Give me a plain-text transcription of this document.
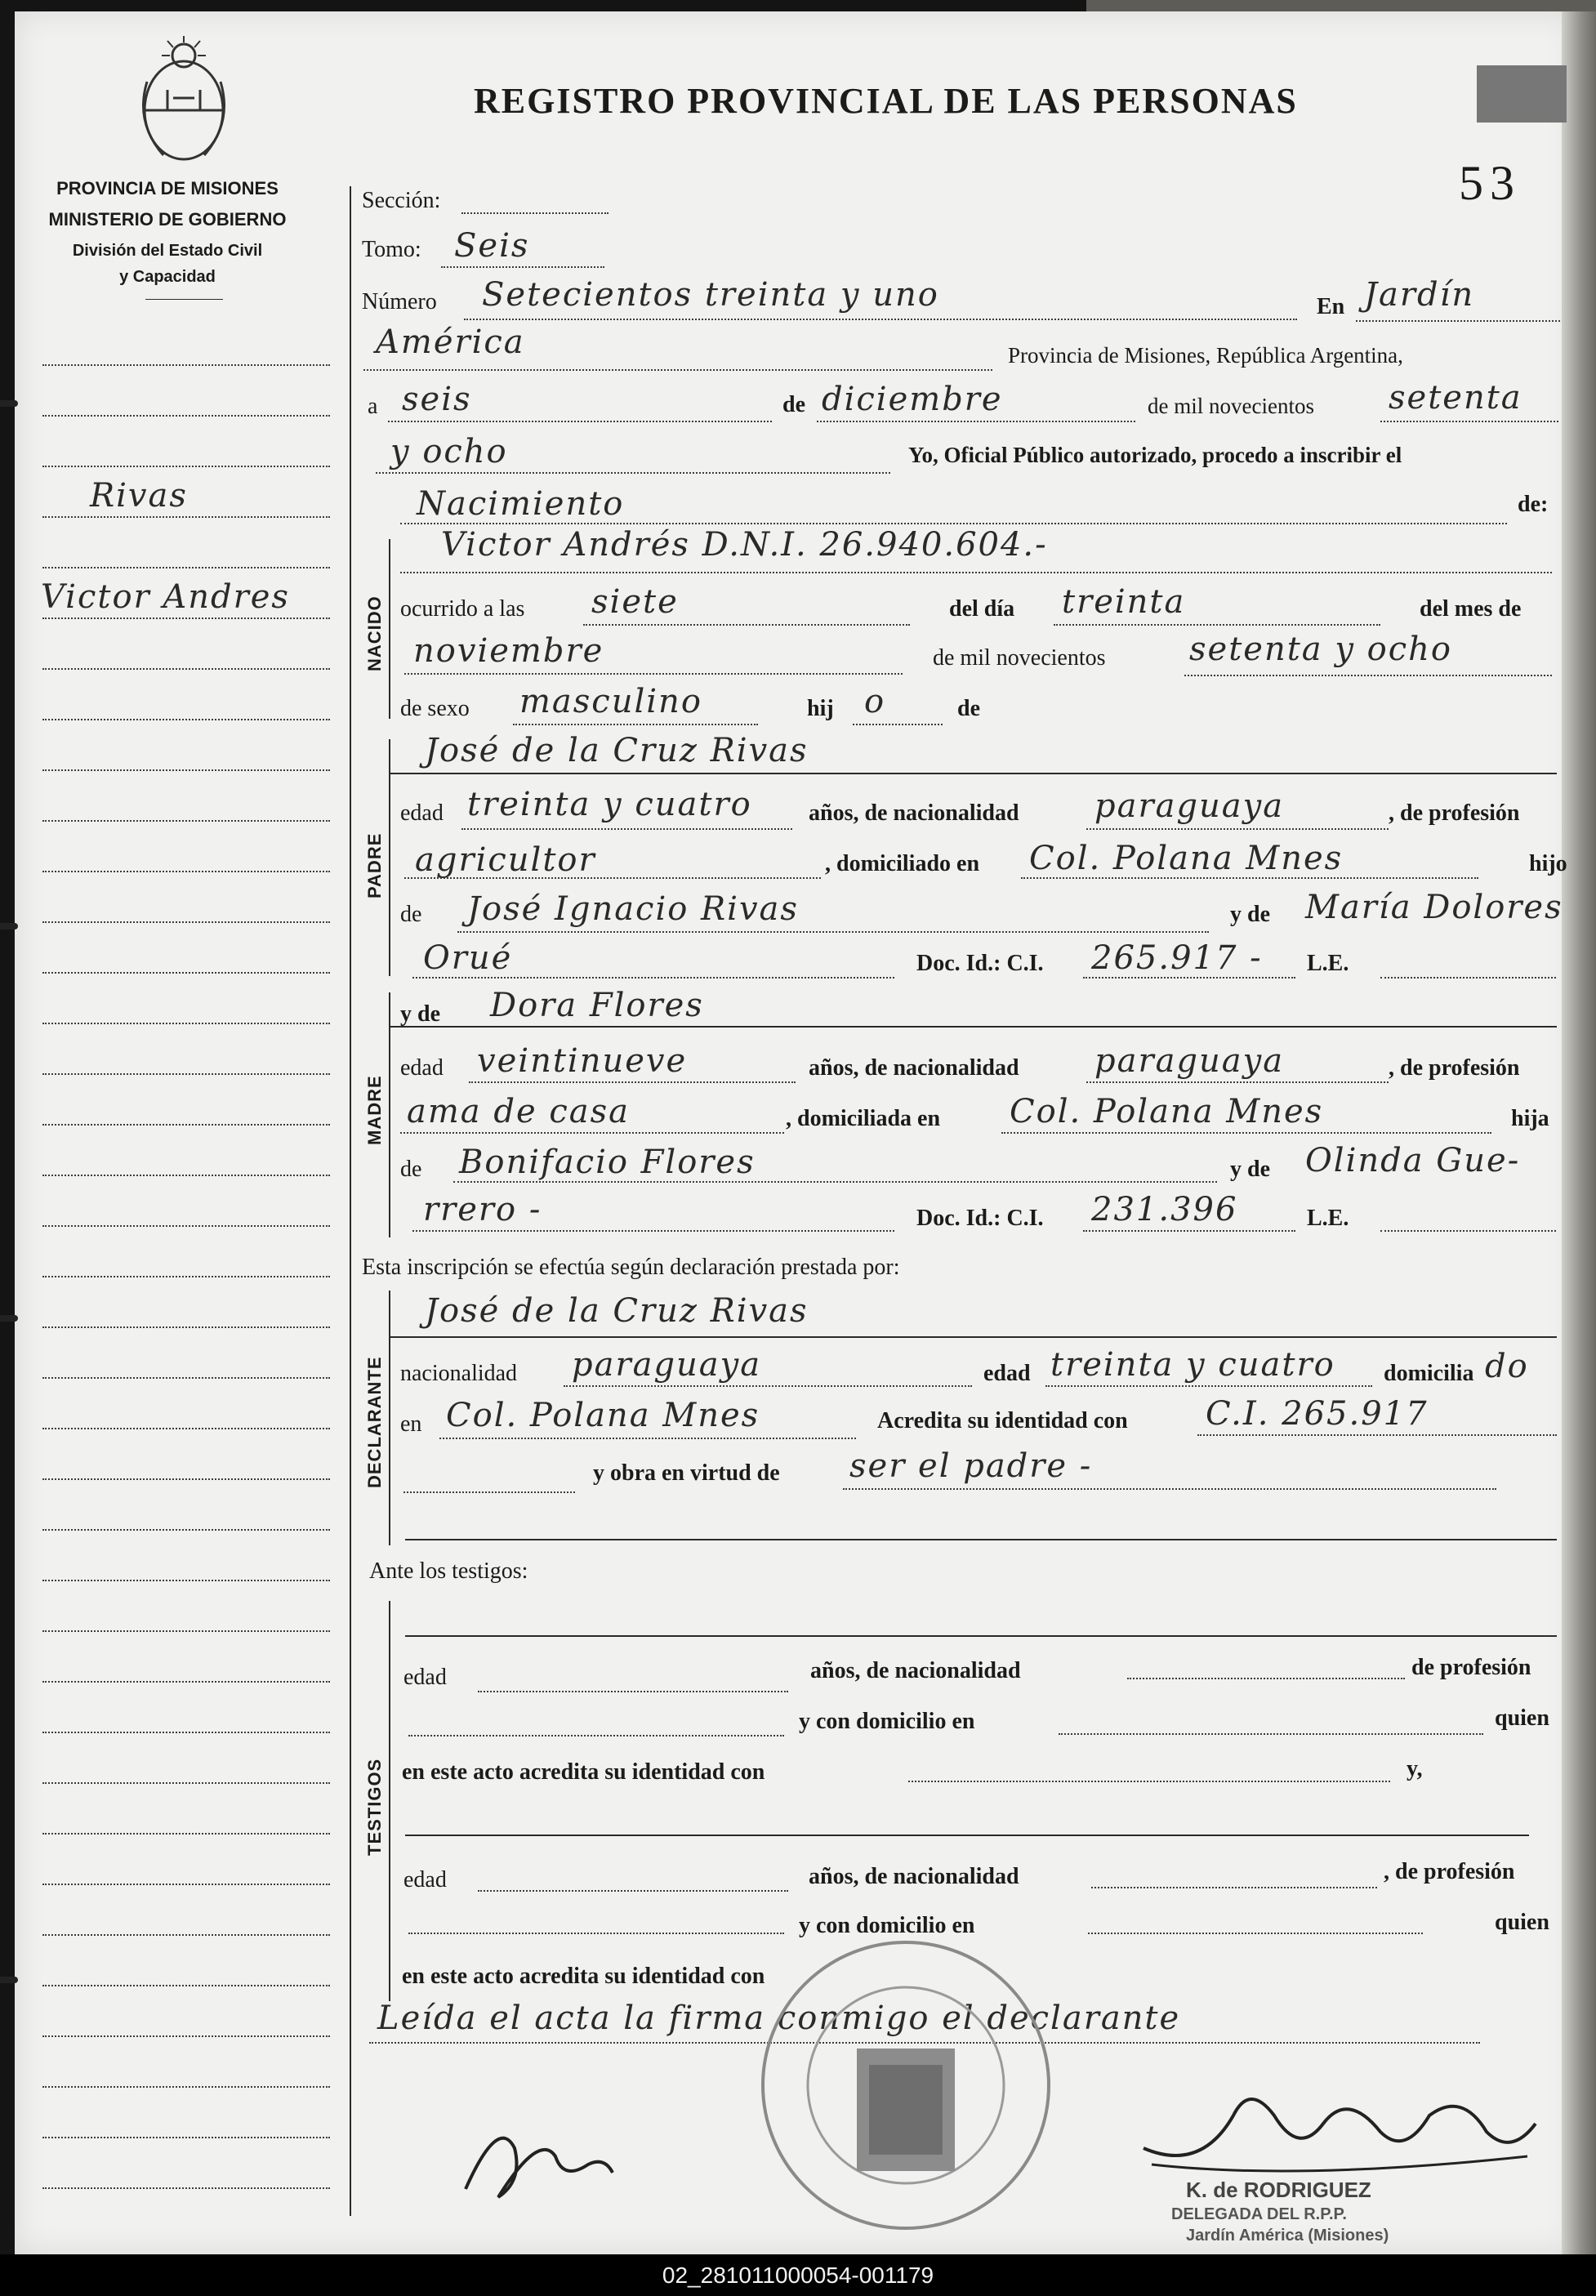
PROVINCIA DE MISIONES
MINISTERIO DE GOBIERNO
División del Estado Civil
y Capacidad
Rivas
Victor Andres
REGISTRO PROVINCIAL DE LAS PERSONAS
53
Sección:
Tomo: Seis
Número Setecientos treinta y uno	En Jardín
América	Provincia de Misiones, República Argentina,
a seis	de diciembre	de mil novecientos setenta
y ocho	Yo, Oficial Público autorizado, procedo a inscribir el
Nacimiento	de:
NACIDO
Victor Andrés D.N.I. 26.940.604.-
ocurrido a las siete	del día treinta	del mes de
noviembre	de mil novecientos	setenta y ocho
de sexo masculino	hij o	de
PADRE
José de la Cruz Rivas
edad treinta y cuatro años, de nacionalidad paraguaya	, de profesión
agricultor	, domiciliado en Col. Polana Mnes	hijo
de José Ignacio Rivas	y de María Dolores
Orué	Doc. Id.: C.I. 265.917 - L.E.
MADRE
y de Dora Flores
edad veintinueve	años, de nacionalidad paraguaya	, de profesión
ama de casa	, domiciliada en Col. Polana Mnes	hija
de Bonifacio Flores	y de Olinda Gue-
rrero -	Doc. Id.: C.I. 231.396	L.E.
Esta inscripción se efectúa según declaración prestada por:
DECLARANTE
José de la Cruz Rivas
nacionalidad paraguaya	edad treinta y cuatro domicilia do
en Col. Polana Mnes	Acredita su identidad con C.I. 265.917
y obra en virtud de ser el padre -
Ante los testigos:
TESTIGOS
edad	años, de nacionalidad	de profesión
y con domicilio en	quien
en este acto acredita su identidad con	y,
edad	años, de nacionalidad	, de profesión
y con domicilio en	quien
en este acto acredita su identidad con
Leída el acta la firma conmigo el declarante
K. de RODRIGUEZ
DELEGADA DEL R.P.P.
Jardín América (Misiones)
02_281011000054-001179
